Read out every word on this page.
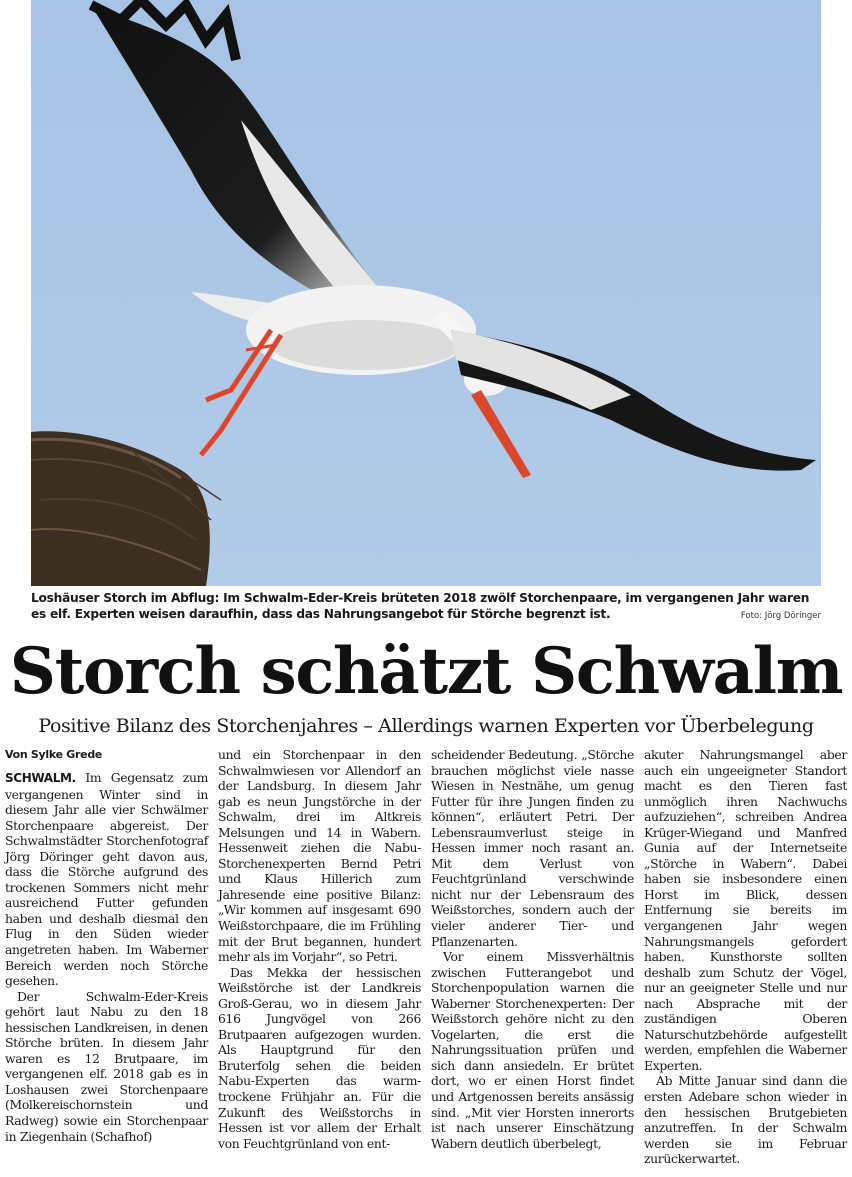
Loshäuser Storch im Abflug: Im Schwalm-Eder-Kreis brüteten 2018 zwölf Storchenpaare, im vergangenen Jahr waren es elf. Experten weisen daraufhin, dass das Nahrungsangebot für Störche begrenzt ist.	Foto: Jörg Döringer
Storch schätzt Schwalm
Positive Bilanz des Storchenjahres – Allerdings warnen Experten vor Überbelegung
Von Sylke Grede

SCHWALM. Im Gegensatz zum vergangenen Winter sind in diesem Jahr alle vier Schwälmer Storchenpaare abgereist. Der Schwalmstädter Storchenfotograf Jörg Döringer geht davon aus, dass die Störche aufgrund des trockenen Sommers nicht mehr ausreichend Futter gefunden haben und deshalb diesmal den Flug in den Süden wieder angetreten haben. Im Waberner Bereich werden noch Störche gesehen.

Der Schwalm-Eder-Kreis gehört laut Nabu zu den 18 hessischen Landkreisen, in denen Störche brüten. In diesem Jahr waren es 12 Brutpaare, im vergangenen elf. 2018 gab es in Loshausen zwei Storchenpaare (Molkereischornstein und Radweg) sowie ein Storchenpaar in Ziegenhain (Schafhof)

und ein Storchenpaar in den Schwalmwiesen vor Allendorf an der Landsburg. In diesem Jahr gab es neun Jungstörche in der Schwalm, drei im Altkreis Melsungen und 14 in Wabern. Hessenweit ziehen die Nabu-Storchenexperten Bernd Petri und Klaus Hillerich zum Jahresende eine positive Bilanz: „Wir kommen auf insgesamt 690 Weißstorchpaare, die im Frühling mit der Brut begannen, hundert mehr als im Vorjahr“, so Petri.

Das Mekka der hessischen Weißstörche ist der Landkreis Groß-Gerau, wo in diesem Jahr 616 Jungvögel von 266 Brutpaaren aufgezogen wurden. Als Hauptgrund für den Bruterfolg sehen die beiden Nabu-Experten das warm-trockene Frühjahr an. Für die Zukunft des Weißstorchs in Hessen ist vor allem der Erhalt von Feuchtgrünland von ent-

scheidender Bedeutung. „Störche brauchen möglichst viele nasse Wiesen in Nestnähe, um genug Futter für ihre Jungen finden zu können“, erläutert Petri. Der Lebensraumverlust steige in Hessen immer noch rasant an. Mit dem Verlust von Feuchtgrünland verschwinde nicht nur der Lebensraum des Weißstorches, sondern auch der vieler anderer Tier- und Pflanzenarten.

Vor einem Missverhältnis zwischen Futterangebot und Storchenpopulation warnen die Waberner Storchenexperten: Der Weißstorch gehöre nicht zu den Vogelarten, die erst die Nahrungssituation prüfen und sich dann ansiedeln. Er brütet dort, wo er einen Horst findet und Artgenossen bereits ansässig sind. „Mit vier Horsten innerorts ist nach unserer Einschätzung Wabern deutlich überbelegt,

akuter Nahrungsmangel aber auch ein ungeeigneter Standort macht es den Tieren fast unmöglich ihren Nachwuchs aufzuziehen“, schreiben Andrea Krüger-Wiegand und Manfred Gunia auf der Internetseite „Störche in Wabern“. Dabei haben sie insbesondere einen Horst im Blick, dessen Entfernung sie bereits im vergangenen Jahr wegen Nahrungsmangels gefordert haben. Kunsthorste sollten deshalb zum Schutz der Vögel, nur an geeigneter Stelle und nur nach Absprache mit der zuständigen Oberen Naturschutzbehörde aufgestellt werden, empfehlen die Waberner Experten.

Ab Mitte Januar sind dann die ersten Adebare schon wieder in den hessischen Brutgebieten anzutreffen. In der Schwalm werden sie im Februar zurückerwartet.
